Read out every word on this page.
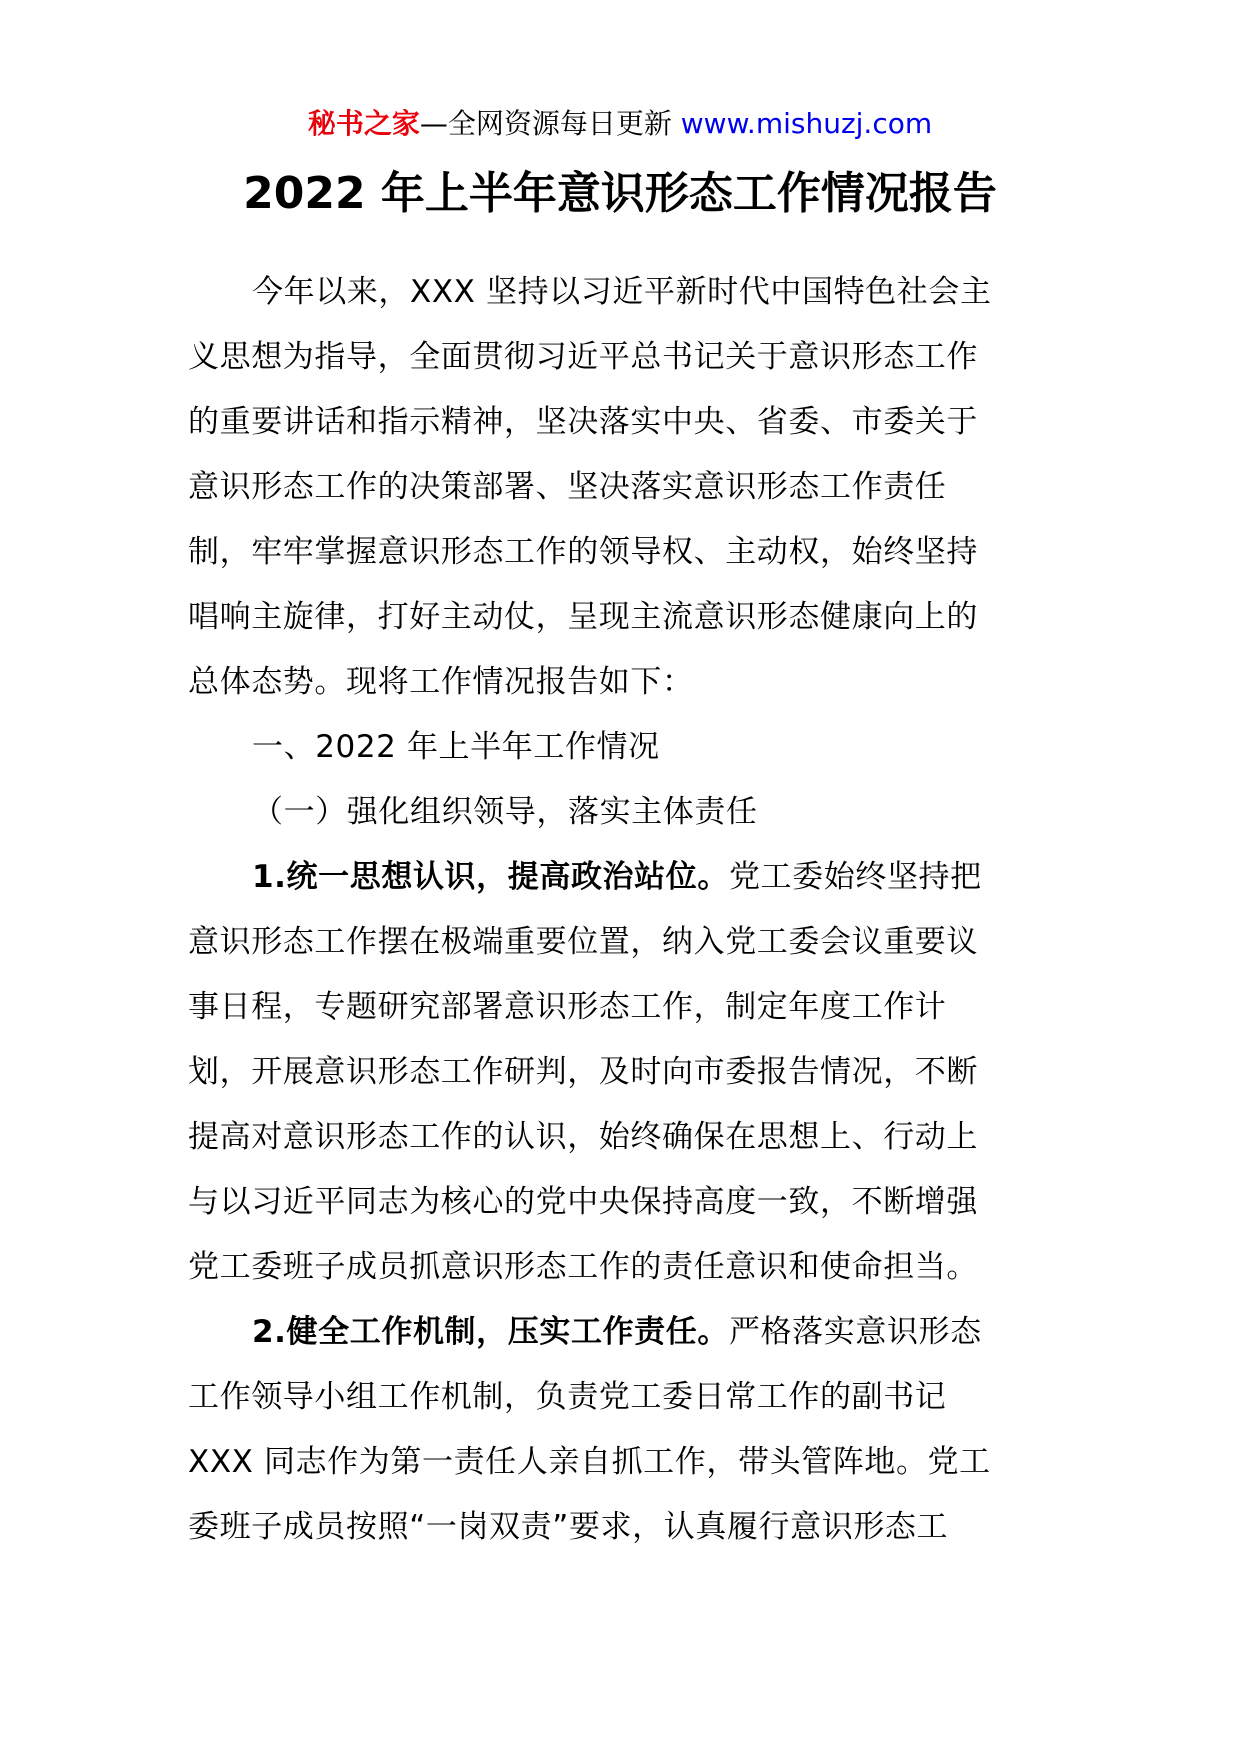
秘书之家—全网资源每日更新 www.mishuzj.com
2022 年上半年意识形态工作情况报告
今年以来，XXX 坚持以习近平新时代中国特色社会主
义思想为指导，全面贯彻习近平总书记关于意识形态工作
的重要讲话和指示精神，坚决落实中央、省委、市委关于
意识形态工作的决策部署、坚决落实意识形态工作责任
制，牢牢掌握意识形态工作的领导权、主动权，始终坚持
唱响主旋律，打好主动仗，呈现主流意识形态健康向上的
总体态势。现将工作情况报告如下：
一、2022 年上半年工作情况
（一）强化组织领导，落实主体责任
1.统一思想认识，提高政治站位。党工委始终坚持把
意识形态工作摆在极端重要位置，纳入党工委会议重要议
事日程，专题研究部署意识形态工作，制定年度工作计
划，开展意识形态工作研判，及时向市委报告情况，不断
提高对意识形态工作的认识，始终确保在思想上、行动上
与以习近平同志为核心的党中央保持高度一致，不断增强
党工委班子成员抓意识形态工作的责任意识和使命担当。
2.健全工作机制，压实工作责任。严格落实意识形态
工作领导小组工作机制，负责党工委日常工作的副书记
XXX 同志作为第一责任人亲自抓工作，带头管阵地。党工
委班子成员按照“一岗双责”要求，认真履行意识形态工
